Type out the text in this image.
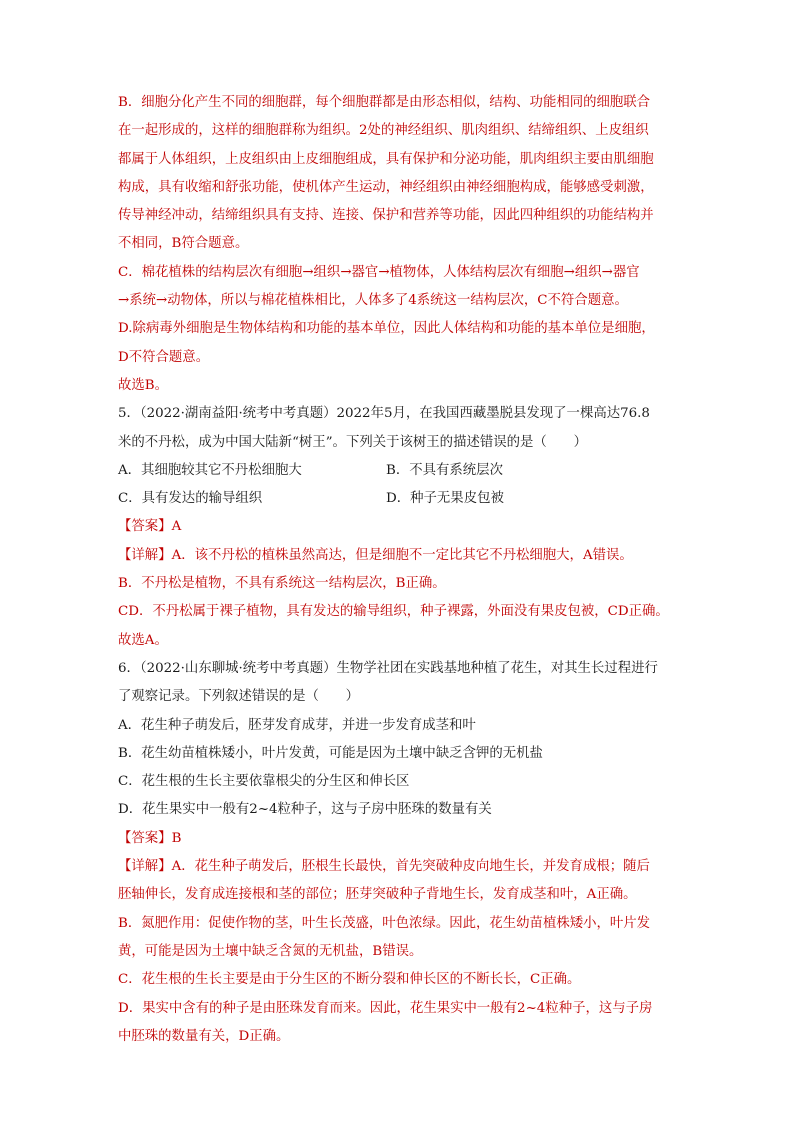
B．细胞分化产生不同的细胞群，每个细胞群都是由形态相似，结构、功能相同的细胞联合

在一起形成的，这样的细胞群称为组织。2处的神经组织、肌肉组织、结缔组织、上皮组织

都属于人体组织，上皮组织由上皮细胞组成，具有保护和分泌功能，肌肉组织主要由肌细胞

构成，具有收缩和舒张功能，使机体产生运动，神经组织由神经细胞构成，能够感受刺激，

传导神经冲动，结缔组织具有支持、连接、保护和营养等功能，因此四种组织的功能结构并

不相同，B符合题意。

C．棉花植株的结构层次有细胞→组织→器官→植物体，人体结构层次有细胞→组织→器官

→系统→动物体，所以与棉花植株相比，人体多了4系统这一结构层次，C不符合题意。

D.除病毒外细胞是生物体结构和功能的基本单位，因此人体结构和功能的基本单位是细胞，

D不符合题意。

故选B。

5．（2022·湖南益阳·统考中考真题）2022年5月，在我国西藏墨脱县发现了一棵高达76.8

米的不丹松，成为中国大陆新“树王”。下列关于该树王的描述错误的是（　　）

A．其细胞较其它不丹松细胞大	B．不具有系统层次
C．具有发达的输导组织	D．种子无果皮包被

【答案】A

【详解】A．该不丹松的植株虽然高达，但是细胞不一定比其它不丹松细胞大，A错误。

B．不丹松是植物，不具有系统这一结构层次，B正确。

CD．不丹松属于裸子植物，具有发达的输导组织，种子裸露，外面没有果皮包被，CD正确。

故选A。

6．（2022·山东聊城·统考中考真题）生物学社团在实践基地种植了花生，对其生长过程进行

了观察记录。下列叙述错误的是（　　）

A．花生种子萌发后，胚芽发育成芽，并进一步发育成茎和叶

B．花生幼苗植株矮小，叶片发黄，可能是因为土壤中缺乏含钾的无机盐

C．花生根的生长主要依靠根尖的分生区和伸长区

D．花生果实中一般有2~4粒种子，这与子房中胚珠的数量有关

【答案】B

【详解】A．花生种子萌发后，胚根生长最快，首先突破种皮向地生长，并发育成根；随后

胚轴伸长，发育成连接根和茎的部位；胚芽突破种子背地生长，发育成茎和叶，A正确。

B．氮肥作用：促使作物的茎，叶生长茂盛，叶色浓绿。因此，花生幼苗植株矮小，叶片发

黄，可能是因为土壤中缺乏含氮的无机盐，B错误。

C．花生根的生长主要是由于分生区的不断分裂和伸长区的不断长长，C正确。

D．果实中含有的种子是由胚珠发育而来。因此，花生果实中一般有2~4粒种子，这与子房

中胚珠的数量有关，D正确。
